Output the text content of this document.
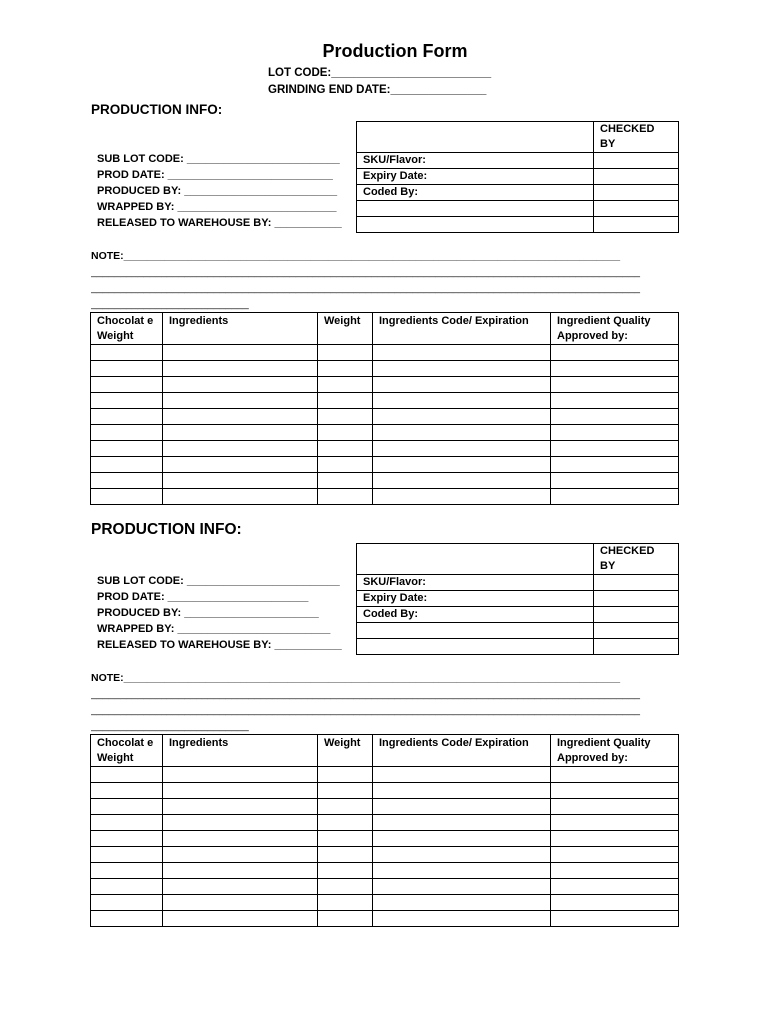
Production Form
LOT CODE:_________________________
GRINDING END DATE:_______________
PRODUCTION INFO:
SUB LOT CODE: _________________________
PROD DATE: ___________________________
PRODUCED BY: _________________________
WRAPPED BY: __________________________
RELEASED TO WAREHOUSE BY: ___________
	CHECKED BY
SKU/Flavor:	
Expiry Date:	
Coded By:	

NOTE:_____________________________________________________________________________________
______________________________________________________________________________________________
______________________________________________________________________________________________
___________________________
Chocolat e Weight	Ingredients	Weight	Ingredients Code/ Expiration	Ingredient Quality Approved by:

PRODUCTION INFO:
SUB LOT CODE: _________________________
PROD DATE: _______________________
PRODUCED BY: ______________________
WRAPPED BY: _________________________
RELEASED TO WAREHOUSE BY: ___________
	CHECKED BY
SKU/Flavor:	
Expiry Date:	
Coded By:	

NOTE:_____________________________________________________________________________________
______________________________________________________________________________________________
______________________________________________________________________________________________
___________________________
Chocolat e Weight	Ingredients	Weight	Ingredients Code/ Expiration	Ingredient Quality Approved by:
